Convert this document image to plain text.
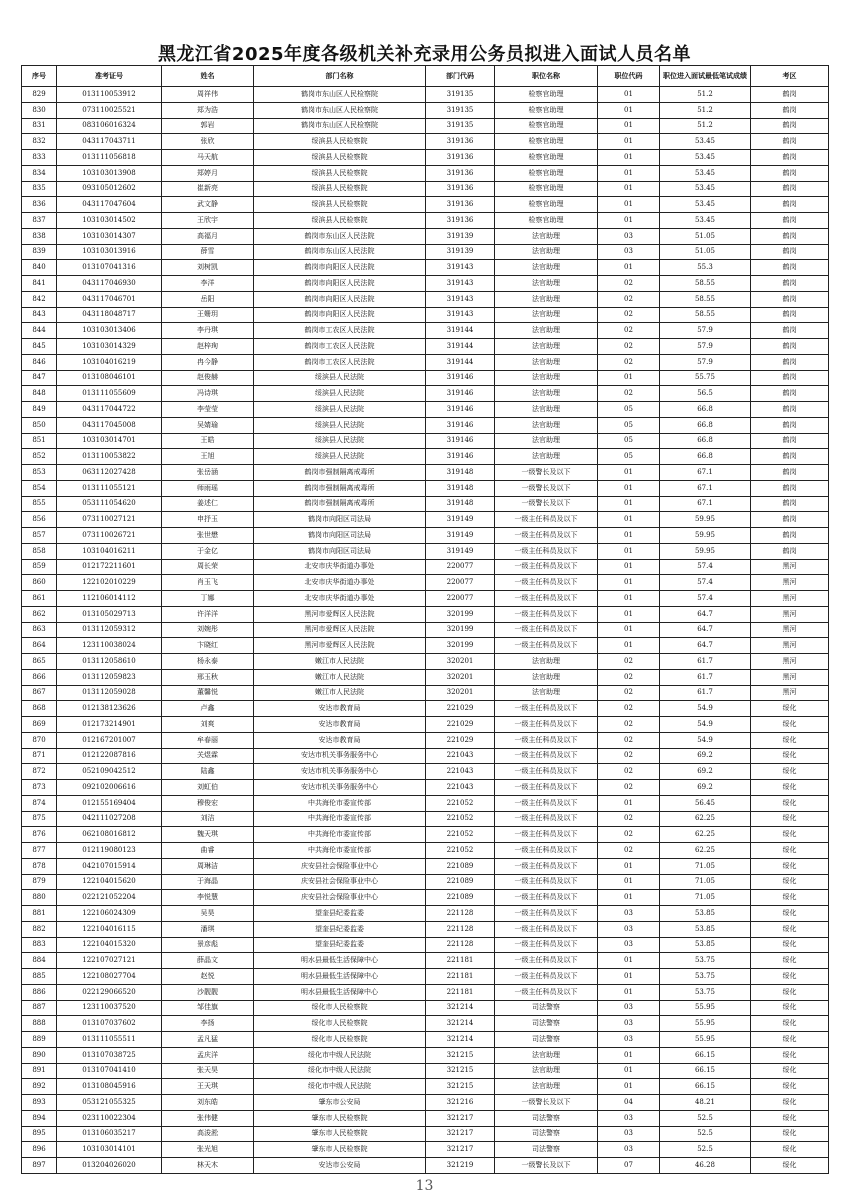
黑龙江省2025年度各级机关补充录用公务员拟进入面试人员名单
序号	准考证号	姓名	部门名称	部门代码	职位名称	职位代码	职位进入面试最低笔试成绩	考区
829	013110053912	周祥伟	鹤岗市东山区人民检察院	319135	检察官助理	01	51.2	鹤岗
830	073110025521	郑为浩	鹤岗市东山区人民检察院	319135	检察官助理	01	51.2	鹤岗
831	083106016324	郭岩	鹤岗市东山区人民检察院	319135	检察官助理	01	51.2	鹤岗
832	043117043711	张欣	绥滨县人民检察院	319136	检察官助理	01	53.45	鹤岗
833	013111056818	马天航	绥滨县人民检察院	319136	检察官助理	01	53.45	鹤岗
834	103103013908	郑婷月	绥滨县人民检察院	319136	检察官助理	01	53.45	鹤岗
835	093105012602	崔新亮	绥滨县人民检察院	319136	检察官助理	01	53.45	鹤岗
836	043117047604	武文静	绥滨县人民检察院	319136	检察官助理	01	53.45	鹤岗
837	103103014502	王欣宇	绥滨县人民检察院	319136	检察官助理	01	53.45	鹤岗
838	103103014307	高福月	鹤岗市东山区人民法院	319139	法官助理	03	51.05	鹤岗
839	103103013916	薛雪	鹤岗市东山区人民法院	319139	法官助理	03	51.05	鹤岗
840	013107041316	刘树凯	鹤岗市向阳区人民法院	319143	法官助理	01	55.3	鹤岗
841	043117046930	李洋	鹤岗市向阳区人民法院	319143	法官助理	02	58.55	鹤岗
842	043117046701	岳阳	鹤岗市向阳区人民法院	319143	法官助理	02	58.55	鹤岗
843	043118048717	王姗玥	鹤岗市向阳区人民法院	319143	法官助理	02	58.55	鹤岗
844	103103013406	李丹琪	鹤岗市工农区人民法院	319144	法官助理	02	57.9	鹤岗
845	103103014329	赵梓珣	鹤岗市工农区人民法院	319144	法官助理	02	57.9	鹤岗
846	103104016219	冉今静	鹤岗市工农区人民法院	319144	法官助理	02	57.9	鹤岗
847	013108046101	赵俊赫	绥滨县人民法院	319146	法官助理	01	55.75	鹤岗
848	013111055609	冯诗琪	绥滨县人民法院	319146	法官助理	02	56.5	鹤岗
849	043117044722	李莹莹	绥滨县人民法院	319146	法官助理	05	66.8	鹤岗
850	043117045008	吴婧瑜	绥滨县人民法院	319146	法官助理	05	66.8	鹤岗
851	103103014701	王皓	绥滨县人民法院	319146	法官助理	05	66.8	鹤岗
852	013110053822	王旭	绥滨县人民法院	319146	法官助理	05	66.8	鹤岗
853	063112027428	张岳涵	鹤岗市强制隔离戒毒所	319148	一级警长及以下	01	67.1	鹤岗
854	013111055121	师雨瑶	鹤岗市强制隔离戒毒所	319148	一级警长及以下	01	67.1	鹤岗
855	053111054620	姜述仁	鹤岗市强制隔离戒毒所	319148	一级警长及以下	01	67.1	鹤岗
856	073110027121	申抒玉	鹤岗市向阳区司法局	319149	一级主任科员及以下	01	59.95	鹤岗
857	073110026721	张世懋	鹤岗市向阳区司法局	319149	一级主任科员及以下	01	59.95	鹤岗
858	103104016211	于金亿	鹤岗市向阳区司法局	319149	一级主任科员及以下	01	59.95	鹤岗
859	012172211601	周长荣	北安市庆华街道办事处	220077	一级主任科员及以下	01	57.4	黑河
860	122102010229	肖玉飞	北安市庆华街道办事处	220077	一级主任科员及以下	01	57.4	黑河
861	112106014112	丁娜	北安市庆华街道办事处	220077	一级主任科员及以下	01	57.4	黑河
862	013105029713	许洋洋	黑河市爱辉区人民法院	320199	一级主任科员及以下	01	64.7	黑河
863	013112059312	刘婉彤	黑河市爱辉区人民法院	320199	一级主任科员及以下	01	64.7	黑河
864	123110038024	卞晓红	黑河市爱辉区人民法院	320199	一级主任科员及以下	01	64.7	黑河
865	013112058610	杨永泰	嫩江市人民法院	320201	法官助理	02	61.7	黑河
866	013112059823	邢玉秋	嫩江市人民法院	320201	法官助理	02	61.7	黑河
867	013112059028	董馨悦	嫩江市人民法院	320201	法官助理	02	61.7	黑河
868	012138123626	卢鑫	安达市教育局	221029	一级主任科员及以下	02	54.9	绥化
869	012173214901	刘爽	安达市教育局	221029	一级主任科员及以下	02	54.9	绥化
870	012167201007	牟春丽	安达市教育局	221029	一级主任科员及以下	02	54.9	绥化
871	012122087816	关煜霖	安达市机关事务服务中心	221043	一级主任科员及以下	02	69.2	绥化
872	052109042512	陆鑫	安达市机关事务服务中心	221043	一级主任科员及以下	02	69.2	绥化
873	092102006616	刘虹伯	安达市机关事务服务中心	221043	一级主任科员及以下	02	69.2	绥化
874	012155169404	穆俊宏	中共海伦市委宣传部	221052	一级主任科员及以下	01	56.45	绥化
875	042111027208	刘洁	中共海伦市委宣传部	221052	一级主任科员及以下	02	62.25	绥化
876	062108016812	魏天琪	中共海伦市委宣传部	221052	一级主任科员及以下	02	62.25	绥化
877	012119080123	曲睿	中共海伦市委宣传部	221052	一级主任科员及以下	02	62.25	绥化
878	042107015914	周琳洁	庆安县社会保险事业中心	221089	一级主任科员及以下	01	71.05	绥化
879	122104015620	于海晶	庆安县社会保险事业中心	221089	一级主任科员及以下	01	71.05	绥化
880	022121052204	李悦慧	庆安县社会保险事业中心	221089	一级主任科员及以下	01	71.05	绥化
881	122106024309	吴昊	望奎县纪委监委	221128	一级主任科员及以下	03	53.85	绥化
882	122104016115	潘琪	望奎县纪委监委	221128	一级主任科员及以下	03	53.85	绥化
883	122104015320	景彦彪	望奎县纪委监委	221128	一级主任科员及以下	03	53.85	绥化
884	122107027121	薛晶文	明水县最低生活保障中心	221181	一级主任科员及以下	01	53.75	绥化
885	122108027704	赵悦	明水县最低生活保障中心	221181	一级主任科员及以下	01	53.75	绥化
886	022129066520	沙靓靓	明水县最低生活保障中心	221181	一级主任科员及以下	01	53.75	绥化
887	123110037520	邹佳旗	绥化市人民检察院	321214	司法警察	03	55.95	绥化
888	013107037602	李扬	绥化市人民检察院	321214	司法警察	03	55.95	绥化
889	013111055511	孟凡猛	绥化市人民检察院	321214	司法警察	03	55.95	绥化
890	013107038725	孟庆洋	绥化市中级人民法院	321215	法官助理	01	66.15	绥化
891	013107041410	张天昊	绥化市中级人民法院	321215	法官助理	01	66.15	绥化
892	013108045916	王天琪	绥化市中级人民法院	321215	法官助理	01	66.15	绥化
893	053121055325	刘东皓	肇东市公安局	321216	一级警长及以下	04	48.21	绥化
894	023110022304	张伟健	肇东市人民检察院	321217	司法警察	03	52.5	绥化
895	013106035217	高浚淞	肇东市人民检察院	321217	司法警察	03	52.5	绥化
896	103103014101	张光旭	肇东市人民检察院	321217	司法警察	03	52.5	绥化
897	013204026020	林天木	安达市公安局	321219	一级警长及以下	07	46.28	绥化
13
